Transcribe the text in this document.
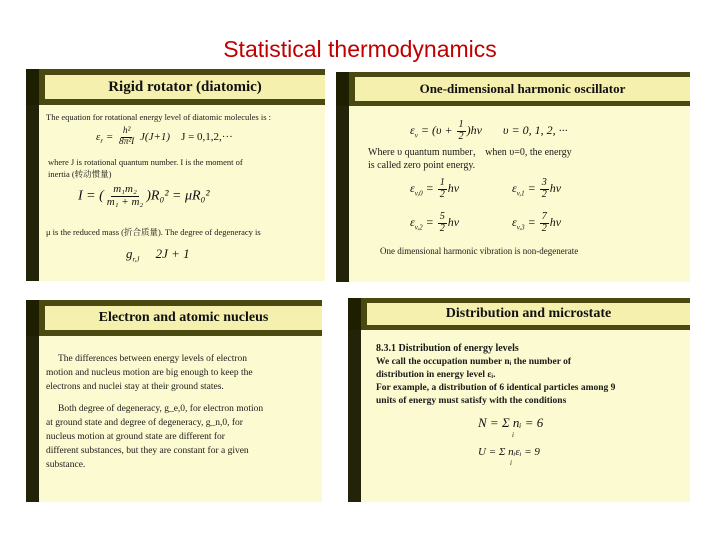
Statistical thermodynamics
Rigid rotator (diatomic)
The equation for rotational energy level of diatomic molecules is :
$\varepsilon_r = \frac{\text{h²}}{\text{8π²I}} J(J+1) J = 0,1,2,\cdot\cdot\cdot$
where J is rotational quantum number. I is the moment of
inertia (转动惯量)
I = ( $\frac{\text{m₁m₂}}{\text{m₁ + m₂}} )R_0^2 = \mu R_0^2$
μ is the reduced mass (折合质量). The degree of degeneracy is
$g_{r,J}$ 2J + 1
One-dimensional harmonic oscillator
$\varepsilon_v = (\upsilon + \frac{1}{2} )h\nu$ υ = 0, 1, 2, ···
Where υ quantum number， when υ=0, the energy
is called zero point energy.
$\varepsilon_{v,0} = \frac{1}{2}$ hν	$\varepsilon_{v,1} = \frac{3}{2}$ hν
$\varepsilon_{v,2} = \frac{5}{2}$ hν	$\varepsilon_{v,3} = \frac{7}{2}$ hν
One dimensional harmonic vibration is non-degenerate
Electron and atomic nucleus
The differences between energy levels of electron
motion and nucleus motion are big enough to keep the
electrons and nuclei stay at their ground states.
Both degree of degeneracy, g_e,0, for electron motion
at ground state and degree of degeneracy, g_n,0, for
nucleus motion at ground state are different for
different substances, but they are constant for a given
substance.
Distribution and microstate
8.3.1 Distribution of energy levels
We call the occupation number nᵢ the number of
distribution in energy level εᵢ.
For example, a distribution of 6 identical particles among 9
units of energy must satisfy with the conditions
N = Σ nᵢ = 6
i
U = Σ nᵢεᵢ = 9
i
